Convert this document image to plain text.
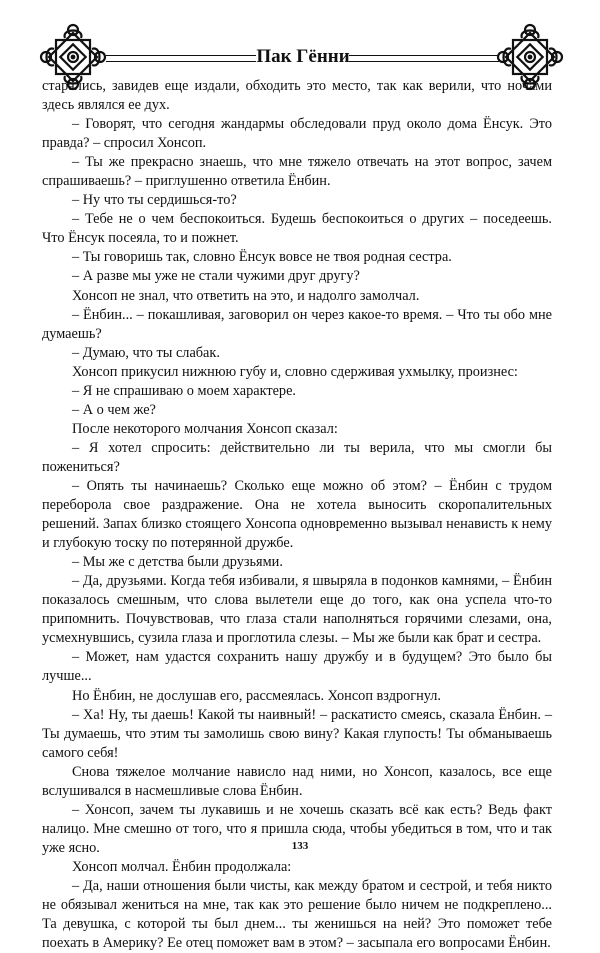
Пак Гённи

старались, завидев еще издали, обходить это место, так как верили, что ночами здесь являлся ее дух.

– Говорят, что сегодня жандармы обследовали пруд около дома Ёнсук. Это правда? – спросил Хонсоп.

– Ты же прекрасно знаешь, что мне тяжело отвечать на этот вопрос, зачем спрашиваешь? – приглушенно ответила Ёнбин.

– Ну что ты сердишься-то?

– Тебе не о чем беспокоиться. Будешь беспокоиться о других – поседеешь. Что Ёнсук посеяла, то и пожнет.

– Ты говоришь так, словно Ёнсук вовсе не твоя родная сестра.

– А разве мы уже не стали чужими друг другу?

Хонсоп не знал, что ответить на это, и надолго замолчал.

– Ёнбин... – покашливая, заговорил он через какое-то время. – Что ты обо мне думаешь?

– Думаю, что ты слабак.

Хонсоп прикусил нижнюю губу и, словно сдерживая ухмылку, произнес:

– Я не спрашиваю о моем характере.

– А о чем же?

После некоторого молчания Хонсоп сказал:

– Я хотел спросить: действительно ли ты верила, что мы смогли бы пожениться?

– Опять ты начинаешь? Сколько еще можно об этом? – Ёнбин с трудом переборола свое раздражение. Она не хотела выносить скоропалительных решений. Запах близко стоящего Хонсопа одновременно вызывал ненависть к нему и глубокую тоску по потерянной дружбе.

– Мы же с детства были друзьями.

– Да, друзьями. Когда тебя избивали, я швыряла в подонков камнями, – Ёнбин показалось смешным, что слова вылетели еще до того, как она успела что-то припомнить. Почувствовав, что глаза стали наполняться горячими слезами, она, усмехнувшись, сузила глаза и проглотила слезы. – Мы же были как брат и сестра.

– Может, нам удастся сохранить нашу дружбу и в будущем? Это было бы лучше...

Но Ёнбин, не дослушав его, рассмеялась. Хонсоп вздрогнул.

– Ха! Ну, ты даешь! Какой ты наивный! – раскатисто смеясь, сказала Ёнбин. – Ты думаешь, что этим ты замолишь свою вину? Какая глупость! Ты обманываешь самого себя!

Снова тяжелое молчание нависло над ними, но Хонсоп, казалось, все еще вслушивался в насмешливые слова Ёнбин.

– Хонсоп, зачем ты лукавишь и не хочешь сказать всё как есть? Ведь факт налицо. Мне смешно от того, что я пришла сюда, чтобы убедиться в том, что и так уже ясно.

Хонсоп молчал. Ёнбин продолжала:

– Да, наши отношения были чисты, как между братом и сестрой, и тебя никто не обязывал жениться на мне, так как это решение было ничем не подкреплено... Та девушка, с которой ты был днем... ты женишься на ней? Это поможет тебе поехать в Америку? Ее отец поможет вам в этом? – засыпала его вопросами Ёнбин.

133
